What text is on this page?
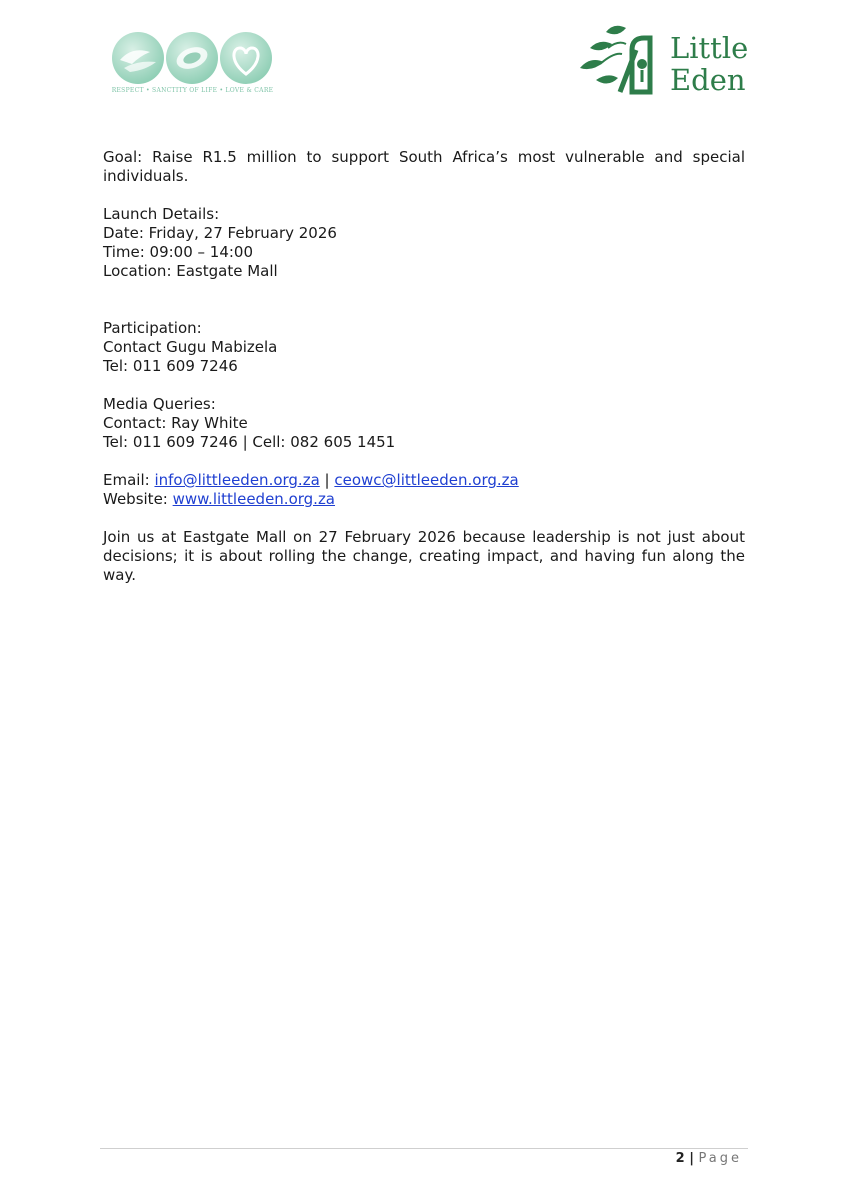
RESPECT • SANCTITY OF LIFE • LOVE & CARE
Little
Eden

Goal: Raise R1.5 million to support South Africa’s most vulnerable and special individuals.

Launch Details:

Date: Friday, 27 February 2026

Time: 09:00 – 14:00

Location: Eastgate Mall

Participation:

Contact Gugu Mabizela

Tel: 011 609 7246

Media Queries:

Contact: Ray White

Tel: 011 609 7246 | Cell: 082 605 1451

Email: info@littleeden.org.za | ceowc@littleeden.org.za

Website: www.littleeden.org.za

Join us at Eastgate Mall on 27 February 2026 because leadership is not just about decisions; it is about rolling the change, creating impact, and having fun along the way.

2 | Page
